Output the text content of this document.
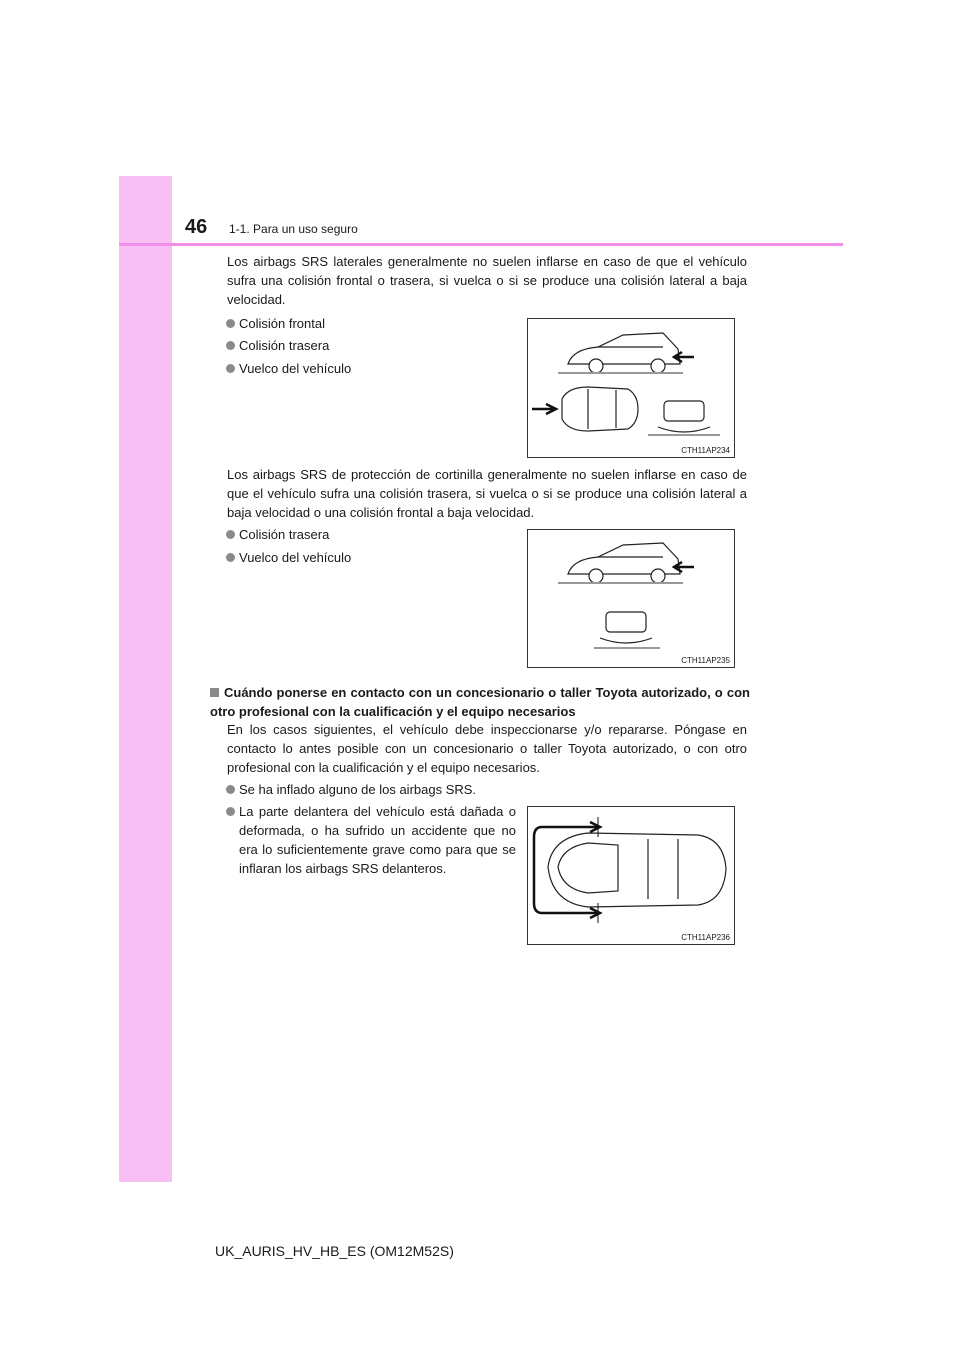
46 1-1. Para un uso seguro

Los airbags SRS laterales generalmente no suelen inflarse en caso de que el vehículo sufra una colisión frontal o trasera, si vuelca o si se produce una colisión lateral a baja velocidad.

Colisión frontal
Colisión trasera
Vuelco del vehículo
CTH11AP234

Los airbags SRS de protección de cortinilla generalmente no suelen inflarse en caso de que el vehículo sufra una colisión trasera, si vuelca o si se produce una colisión lateral a baja velocidad o una colisión frontal a baja velocidad.

Colisión trasera
Vuelco del vehículo
CTH11AP235
Cuándo ponerse en contacto con un concesionario o taller Toyota autorizado, o con otro profesional con la cualificación y el equipo necesarios

En los casos siguientes, el vehículo debe inspeccionarse y/o repararse. Póngase en contacto lo antes posible con un concesionario o taller Toyota autorizado, o con otro profesional con la cualificación y el equipo necesarios.

Se ha inflado alguno de los airbags SRS.
La parte delantera del vehículo está dañada o deformada, o ha sufrido un accidente que no era lo suficientemente grave como para que se inflaran los airbags SRS delanteros.
CTH11AP236
UK_AURIS_HV_HB_ES (OM12M52S)
